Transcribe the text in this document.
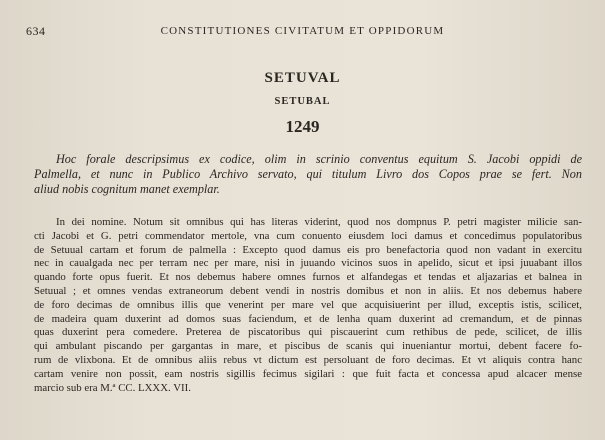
634	CONSTITUTIONES CIVITATUM ET OPPIDORUM
SETUVAL
SETUBAL
1249
Hoc forale descripsimus ex codice, olim in scrinio conventus equitum S. Jacobi oppidi de
Palmella, et nunc in Publico Archivo servato, qui titulum Livro dos Copos prae se fert. Non
aliud nobis cognitum manet exemplar.
In dei nomine. Notum sit omnibus qui has literas viderint, quod nos dompnus P. petri magister milicie san-
cti Jacobi et G. petri commendator mertole, vna cum conuento eiusdem loci damus et concedimus populatoribus
de Setuual cartam et forum de palmella : Excepto quod damus eis pro benefactoria quod non vadant in exercitu
nec in caualgada nec per terram nec per mare, nisi in juuando vicinos suos in apelido, sicut et ipsi juuabant illos
quando forte opus fuerit. Et nos debemus habere omnes furnos et alfandegas et tendas et aljazarias et balnea in
Setuual ; et omnes vendas extraneorum debent vendi in nostris domibus et non in aliis. Et nos debemus habere
de foro decimas de omnibus illis que venerint per mare vel que acquisiuerint per illud, exceptis istis, scilicet,
de madeira quam duxerint ad domos suas faciendum, et de lenha quam duxerint ad cremandum, et de pinnas
quas duxerint pera comedere. Preterea de piscatoribus qui piscauerint cum rethibus de pede, scilicet, de illis
qui ambulant piscando per gargantas in mare, et piscibus de scanis qui inueniantur mortui, debent facere fo-
rum de vlixbona. Et de omnibus aliis rebus vt dictum est persoluant de foro decimas. Et vt aliquis contra hanc
cartam venire non possit, eam nostris sigillis fecimus sigilari : que fuit facta et concessa apud alcacer mense
marcio sub era M.ª CC. LXXX. VII.
